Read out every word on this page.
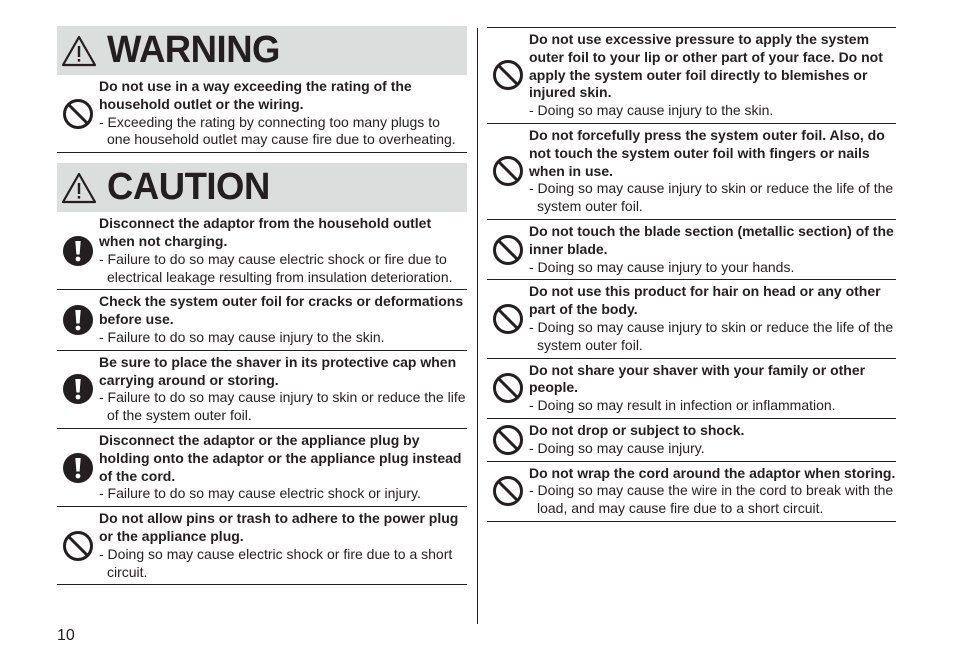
WARNING
Do not use in a way exceeding the rating of the household outlet or the wiring.
- Exceeding the rating by connecting too many plugs to one household outlet may cause fire due to overheating.
CAUTION
Disconnect the adaptor from the household outlet when not charging.
- Failure to do so may cause electric shock or fire due to electrical leakage resulting from insulation deterioration.
Check the system outer foil for cracks or deformations before use.
- Failure to do so may cause injury to the skin.
Be sure to place the shaver in its protective cap when carrying around or storing.
- Failure to do so may cause injury to skin or reduce the life of the system outer foil.
Disconnect the adaptor or the appliance plug by holding onto the adaptor or the appliance plug instead of the cord.
- Failure to do so may cause electric shock or injury.
Do not allow pins or trash to adhere to the power plug or the appliance plug.
- Doing so may cause electric shock or fire due to a short circuit.
Do not use excessive pressure to apply the system outer foil to your lip or other part of your face. Do not apply the system outer foil directly to blemishes or injured skin.
- Doing so may cause injury to the skin.
Do not forcefully press the system outer foil. Also, do not touch the system outer foil with fingers or nails when in use.
- Doing so may cause injury to skin or reduce the life of the system outer foil.
Do not touch the blade section (metallic section) of the inner blade.
- Doing so may cause injury to your hands.
Do not use this product for hair on head or any other part of the body.
- Doing so may cause injury to skin or reduce the life of the system outer foil.
Do not share your shaver with your family or other people.
- Doing so may result in infection or inflammation.
Do not drop or subject to shock.
- Doing so may cause injury.
Do not wrap the cord around the adaptor when storing.
- Doing so may cause the wire in the cord to break with the load, and may cause fire due to a short circuit.
10
